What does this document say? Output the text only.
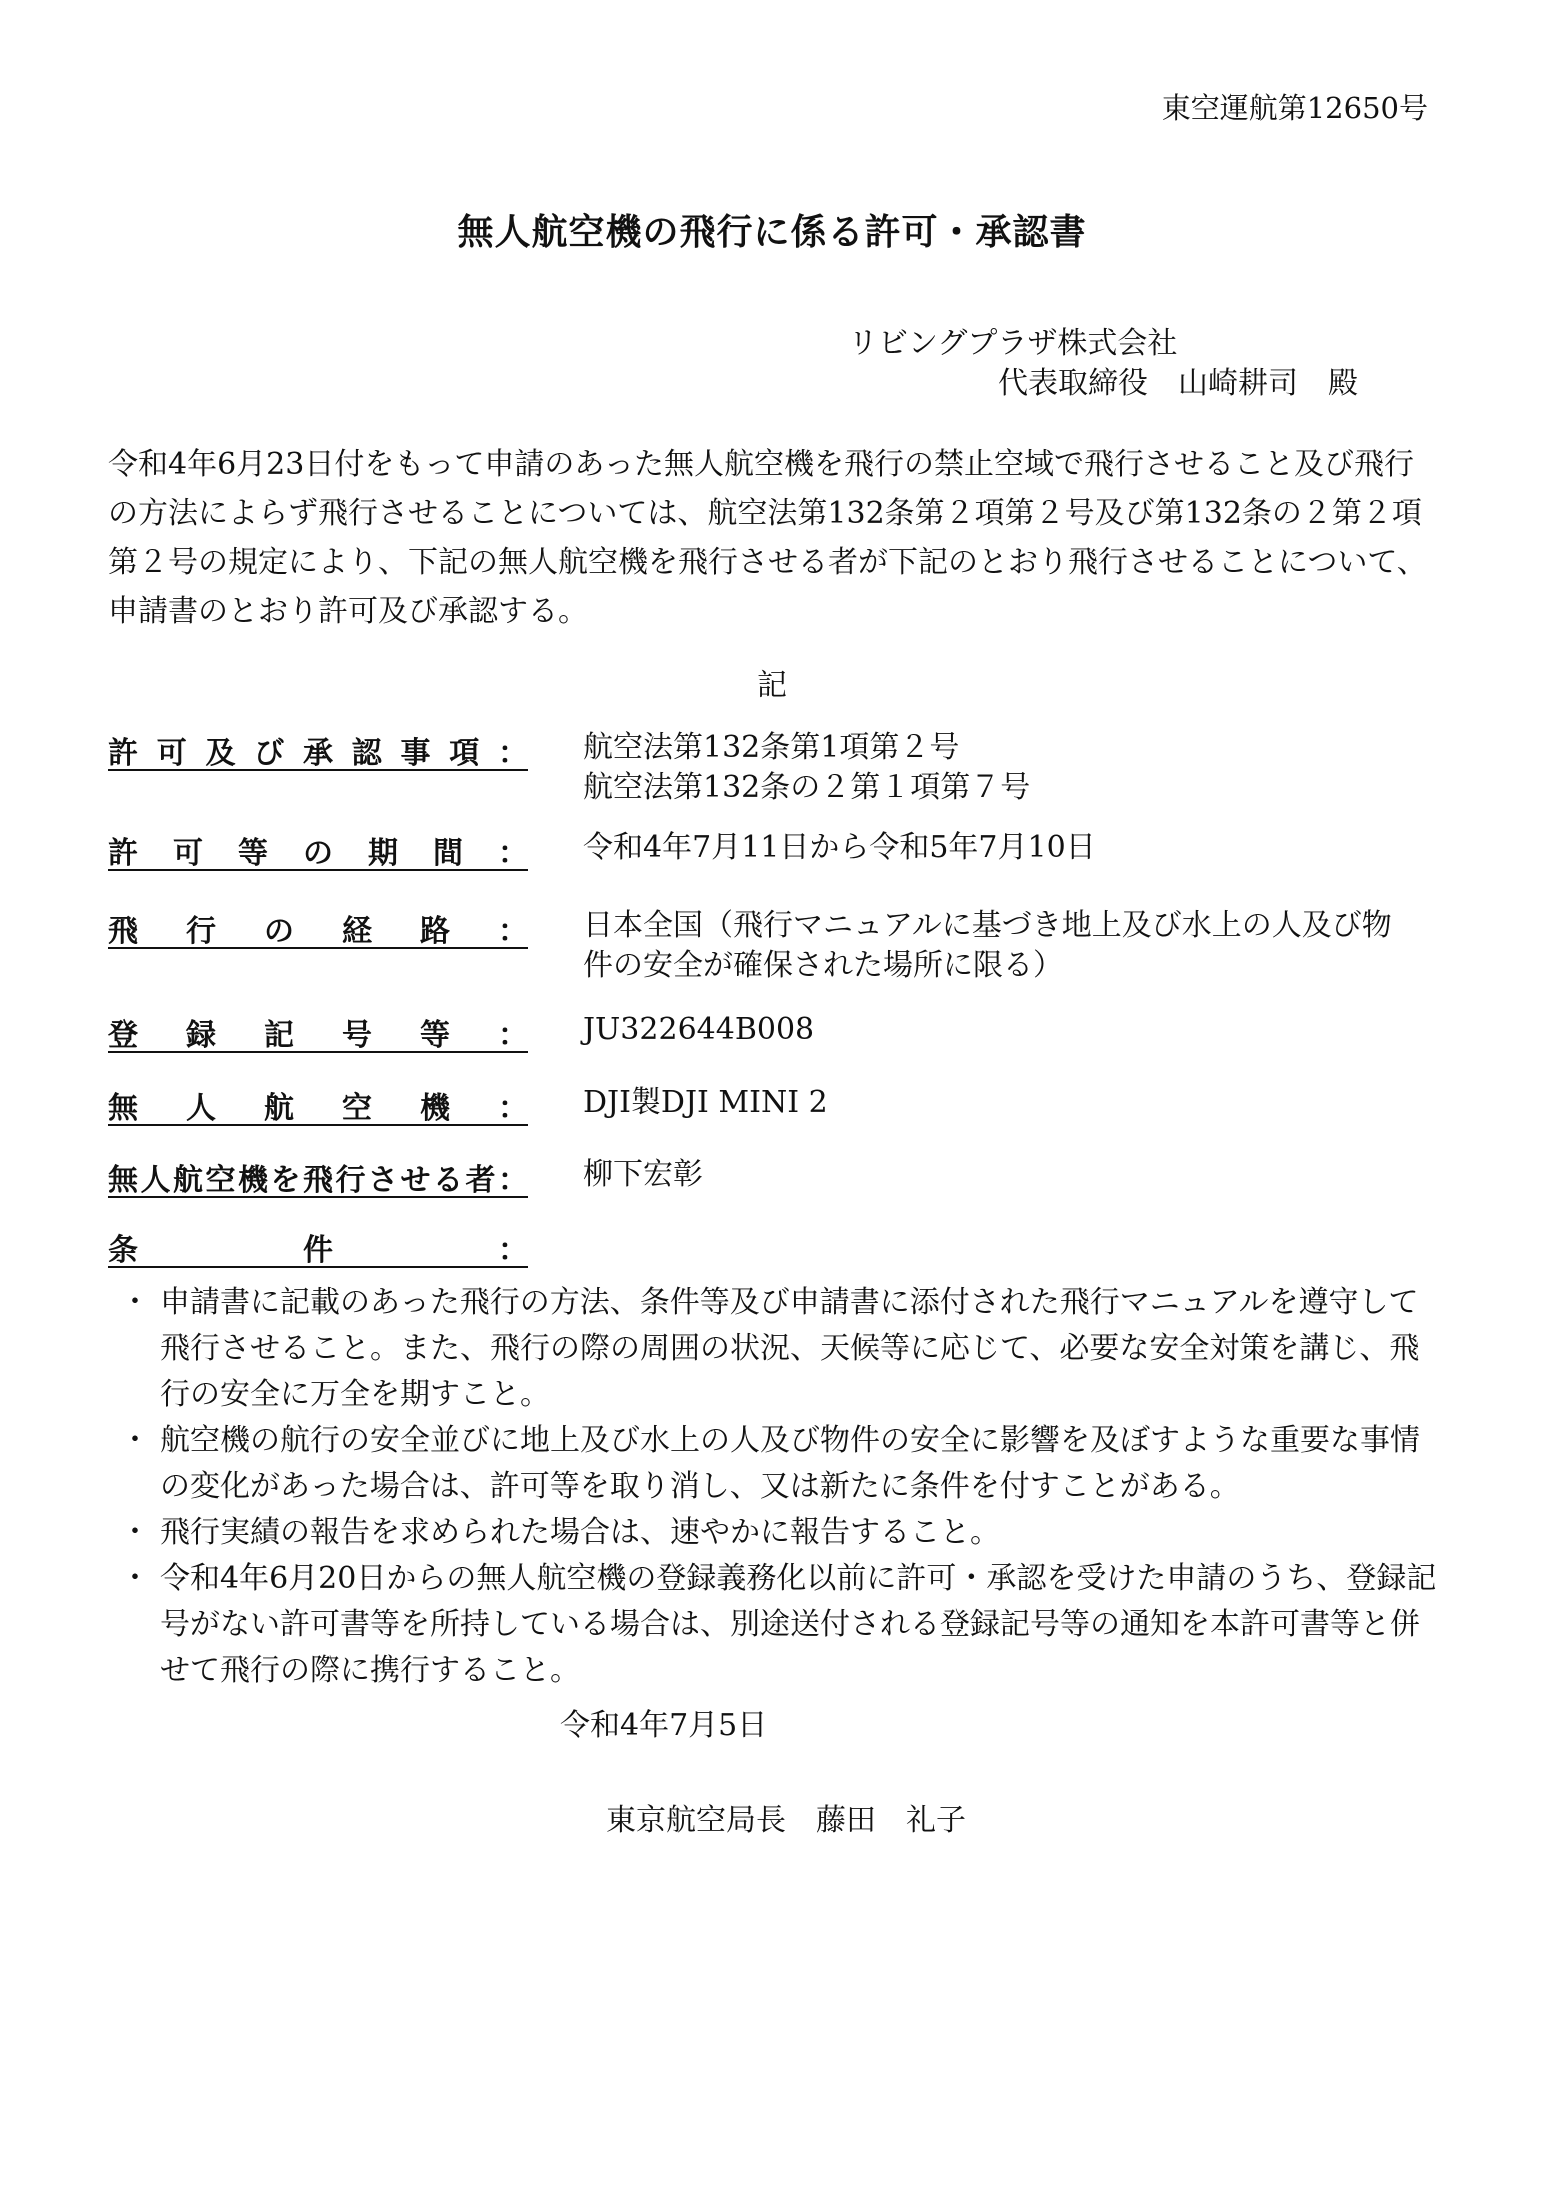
東空運航第12650号

無人航空機の飛行に係る許可・承認書

リビングプラザ株式会社

代表取締役　山崎耕司　殿

令和4年6月23日付をもって申請のあった無人航空機を飛行の禁止空域で飛行させること及び飛行の方法によらず飛行させることについては、航空法第132条第２項第２号及び第132条の２第２項第２号の規定により、下記の無人航空機を飛行させる者が下記のとおり飛行させることについて、申請書のとおり許可及び承認する。

記

許可及び承認事項： 航空法第132条第1項第２号
航空法第132条の２第１項第７号
許可等の期間： 令和4年7月11日から令和5年7月10日
飛行の経路： 日本全国（飛行マニュアルに基づき地上及び水上の人及び物
件の安全が確保された場所に限る）
登録記号等： JU322644B008
無人航空機： DJI製DJI MINI 2
無人航空機を飛行させる者： 柳下宏彰
条件：
・ 申請書に記載のあった飛行の方法、条件等及び申請書に添付された飛行マニュアルを遵守して飛行させること。また、飛行の際の周囲の状況、天候等に応じて、必要な安全対策を講じ、飛行の安全に万全を期すこと。
・ 航空機の航行の安全並びに地上及び水上の人及び物件の安全に影響を及ぼすような重要な事情の変化があった場合は、許可等を取り消し、又は新たに条件を付すことがある。
・ 飛行実績の報告を求められた場合は、速やかに報告すること。
・ 令和4年6月20日からの無人航空機の登録義務化以前に許可・承認を受けた申請のうち、登録記号がない許可書等を所持している場合は、別途送付される登録記号等の通知を本許可書等と併せて飛行の際に携行すること。

令和4年7月5日

東京航空局長　藤田　礼子
